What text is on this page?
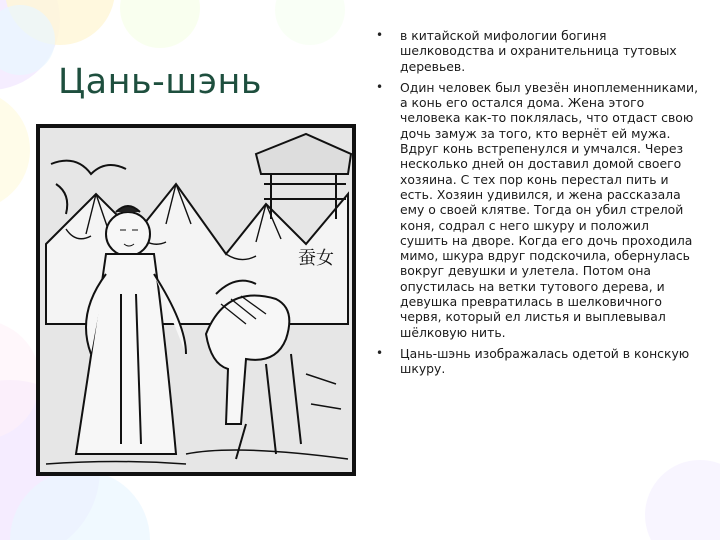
Цань-шэнь
蚕女
• в китайской мифологии богиня шелководства и охранительница тутовых деревьев.
• Один человек был увезён иноплеменниками, а конь его остался дома. Жена этого человека как-то поклялась, что отдаст свою дочь замуж за того, кто вернёт ей мужа. Вдруг конь встрепенулся и умчался. Через несколько дней он доставил домой своего хозяина. С тех пор конь перестал пить и есть. Хозяин удивился, и жена рассказала ему о своей клятве. Тогда он убил стрелой коня, содрал с него шкуру и положил сушить на дворе. Когда его дочь проходила мимо, шкура вдруг подскочила, обернулась вокруг девушки и улетела. Потом она опустилась на ветки тутового дерева, и девушка превратилась в шелковичного червя, который ел листья и выплевывал шёлковую нить.
• Цань-шэнь изображалась одетой в конскую шкуру.
